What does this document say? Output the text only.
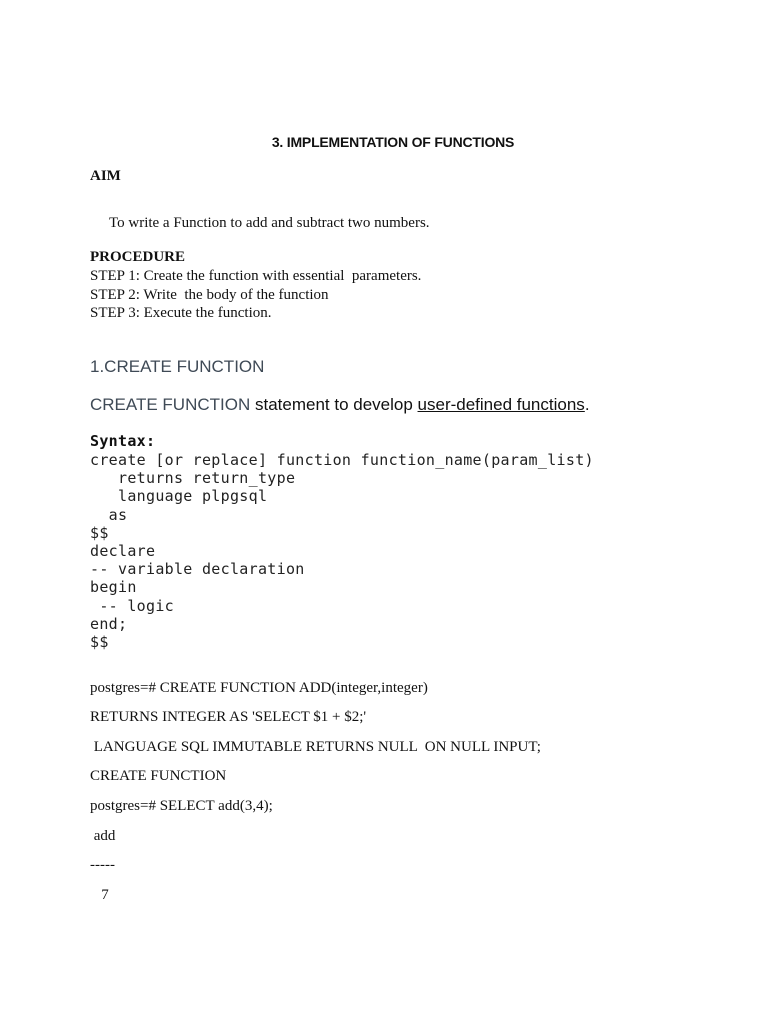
3. IMPLEMENTATION OF FUNCTIONS
AIM
To write a Function to add and subtract two numbers.
PROCEDURE
STEP 1: Create the function with essential  parameters.
STEP 2: Write  the body of the function
STEP 3: Execute the function.
1.CREATE FUNCTION
CREATE FUNCTION statement to develop user-defined functions.
Syntax:
create [or replace] function function_name(param_list)
returns return_type
language plpgsql
as
$$
declare
-- variable declaration
begin
-- logic
end;
$$
postgres=# CREATE FUNCTION ADD(integer,integer)
RETURNS INTEGER AS 'SELECT $1 + $2;'
LANGUAGE SQL IMMUTABLE RETURNS NULL  ON NULL INPUT;
CREATE FUNCTION
postgres=# SELECT add(3,4);
add
-----
7
